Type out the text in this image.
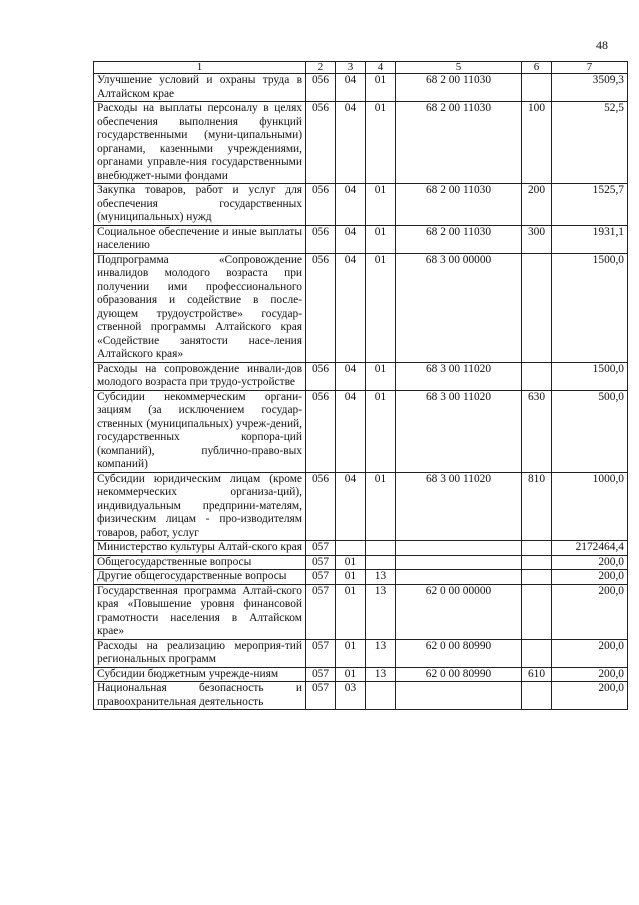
48
1	2	3	4	5	6	7
Улучшение условий и охраны труда в Алтайском крае	056	04	01	68 2 00 11030		3509,3
Расходы на выплаты персоналу в целях обеспечения выполнения функций государственными (муни-ципальными) органами, казенными учреждениями, органами управле-ния государственными внебюджет-ными фондами	056	04	01	68 2 00 11030	100	52,5
Закупка товаров, работ и услуг для обеспечения государственных (муниципальных) нужд	056	04	01	68 2 00 11030	200	1525,7
Социальное обеспечение и иные выплаты населению	056	04	01	68 2 00 11030	300	1931,1
Подпрограмма «Сопровождение инвалидов молодого возраста при получении ими профессионального образования и содействие в после-дующем трудоустройстве» государ-ственной программы Алтайского края «Содействие занятости насе-ления Алтайского края»	056	04	01	68 3 00 00000		1500,0
Расходы на сопровождение инвали-дов молодого возраста при трудо-устройстве	056	04	01	68 3 00 11020		1500,0
Субсидии некоммерческим органи-зациям (за исключением государ-ственных (муниципальных) учреж-дений, государственных корпора-ций (компаний), публично-право-вых компаний)	056	04	01	68 3 00 11020	630	500,0
Субсидии юридическим лицам (кроме некоммерческих организа-ций), индивидуальным предприни-мателям, физическим лицам - про-изводителям товаров, работ, услуг	056	04	01	68 3 00 11020	810	1000,0
Министерство культуры Алтай-ского края	057					2172464,4
Общегосударственные вопросы	057	01				200,0
Другие общегосударственные вопросы	057	01	13			200,0
Государственная программа Алтай-ского края «Повышение уровня финансовой грамотности населения в Алтайском крае»	057	01	13	62 0 00 00000		200,0
Расходы на реализацию мероприя-тий региональных программ	057	01	13	62 0 00 80990		200,0
Субсидии бюджетным учрежде-ниям	057	01	13	62 0 00 80990	610	200,0
Национальная безопасность и правоохранительная деятельность	057	03				200,0
